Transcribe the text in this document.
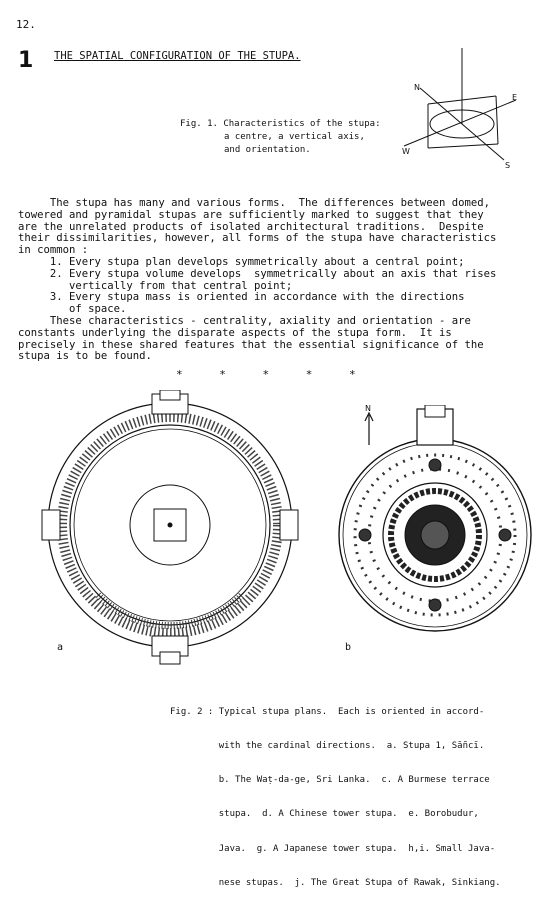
12.
1 THE SPATIAL CONFIGURATION OF THE STUPA.
Fig. 1. Characteristics of the stupa:
a centre, a vertical axis,
and orientation.
N
E
S
W

The stupa has many and various forms.  The differences between domed,

towered and pyramidal stupas are sufficiently marked to suggest that they

are the unrelated products of isolated architectural traditions.  Despite

their dissimilarities, however, all forms of the stupa have characteristics

in common :

1. Every stupa plan develops symmetrically about a central point;

2. Every stupa volume develops  symmetrically about an axis that rises

vertically from that central point;

3. Every stupa mass is oriented in accordance with the directions

of space.

These characteristics - centrality, axiality and orientation - are

constants underlying the disparate aspects of the stupa form.  It is

precisely in these shared features that the essential significance of the

stupa is to be found.

* * * * *
N
a	b

Fig. 2 : Typical stupa plans.  Each is oriented in accord-

with the cardinal directions.  a. Stupa 1, Sāñcī.

b. The Waṭ-da-ge, Sri Lanka.  c. A Burmese terrace

stupa.  d. A Chinese tower stupa.  e. Borobudur,

Java.  g. A Japanese tower stupa.  h,i. Small Java-

nese stupas.  j. The Great Stupa of Rawak, Sinkiang.
